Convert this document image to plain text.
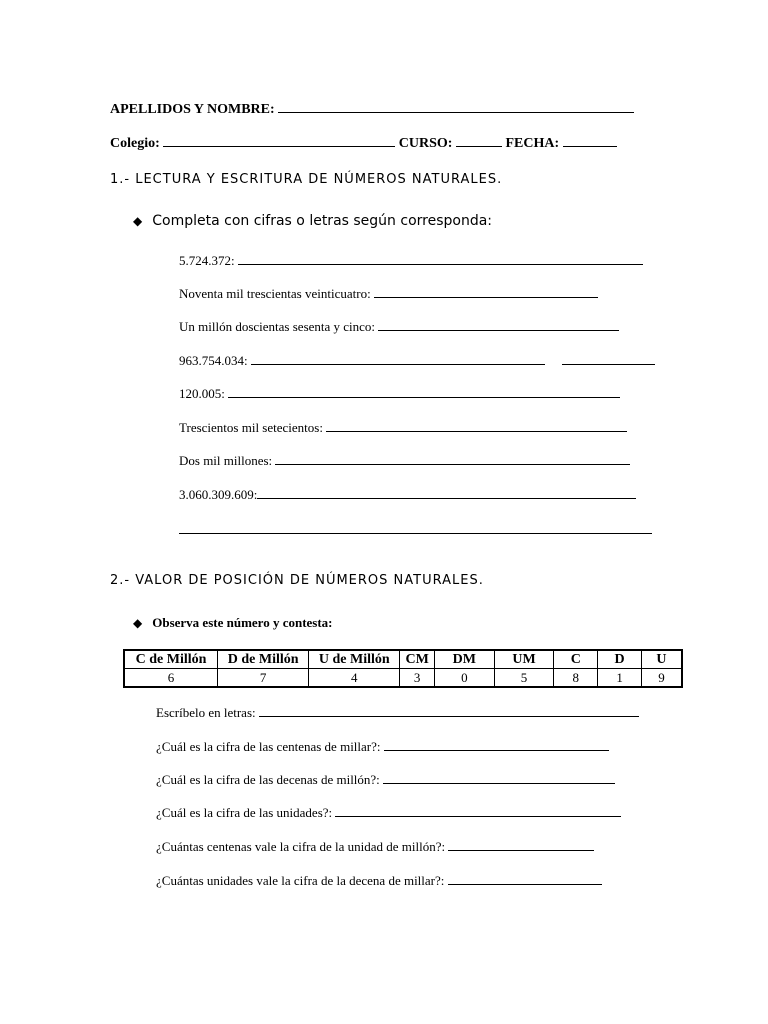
APELLIDOS Y NOMBRE:
Colegio:	CURSO:	FECHA:
1.- LECTURA Y ESCRITURA DE NÚMEROS NATURALES.
◆ Completa con cifras o letras según corresponda:
5.724.372:
Noventa mil trescientas veinticuatro:
Un millón doscientas sesenta y cinco:
963.754.034:
120.005:
Trescientos mil setecientos:
Dos mil millones:
3.060.309.609:
2.- VALOR DE POSICIÓN DE NÚMEROS NATURALES.
◆ Observa este número y contesta:
C de Millón	D de Millón	U de Millón	CM	DM	UM	C	D	U
6	7	4	3	0	5	8	1	9
Escríbelo en letras:
¿Cuál es la cifra de las centenas de millar?:
¿Cuál es la cifra de las decenas de millón?:
¿Cuál es la cifra de las unidades?:
¿Cuántas centenas vale la cifra de la unidad de millón?:
¿Cuántas unidades vale la cifra de la decena de millar?:
